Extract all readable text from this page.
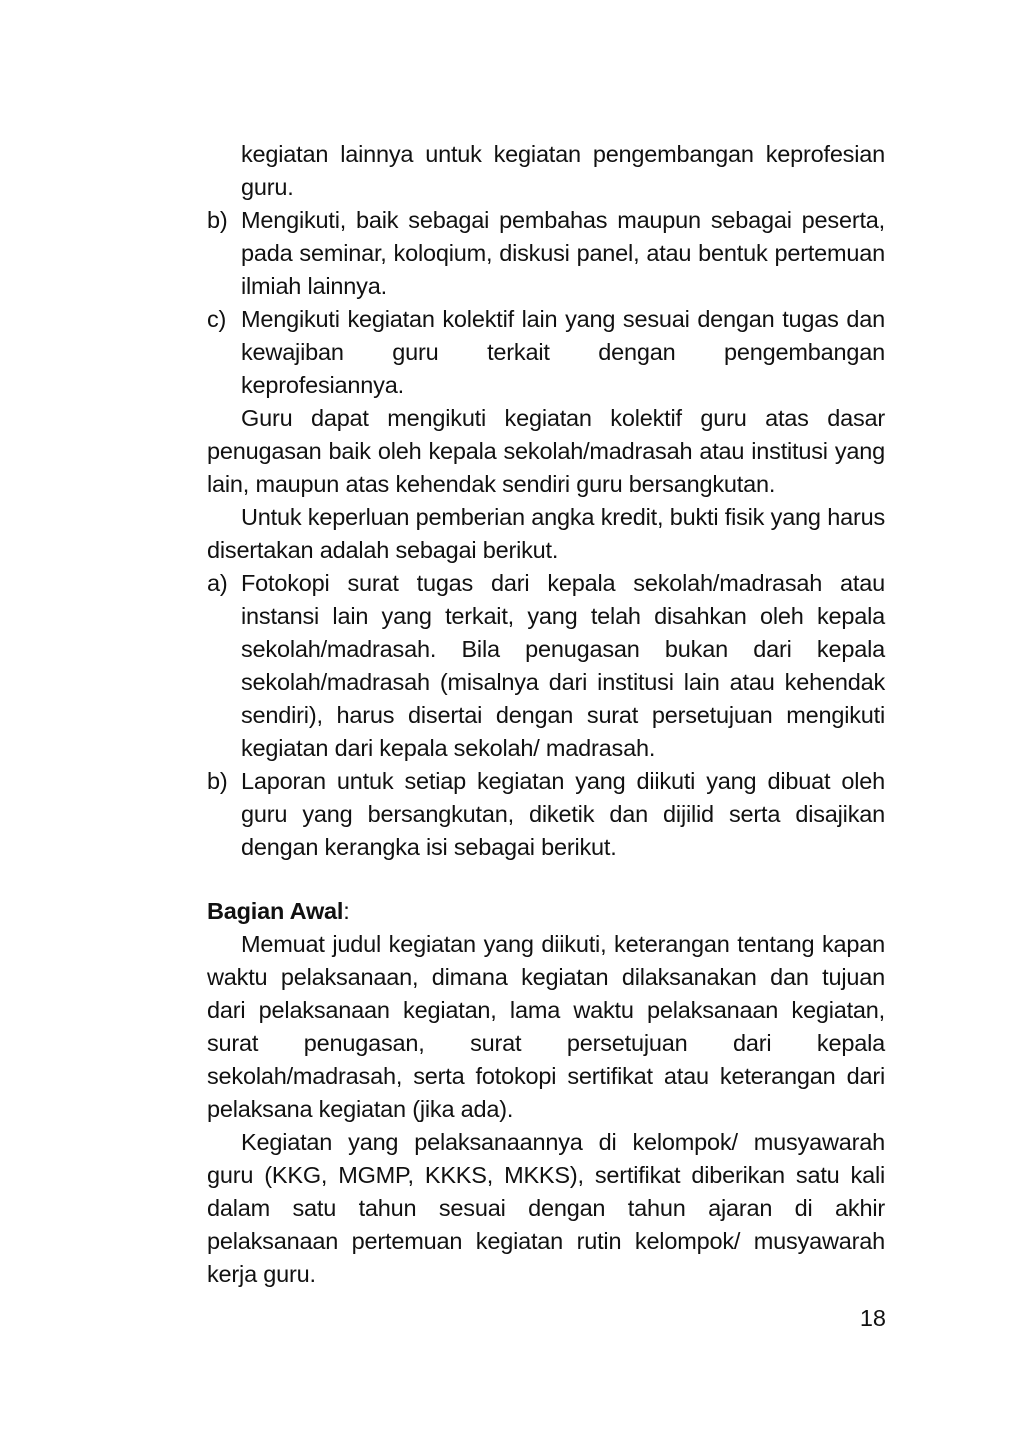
kegiatan lainnya untuk kegiatan pengembangan keprofesian guru.

b) Mengikuti, baik sebagai pembahas maupun sebagai peserta, pada seminar, koloqium, diskusi panel, atau bentuk pertemuan ilmiah lainnya.
c) Mengikuti kegiatan kolektif lain yang sesuai dengan tugas dan kewajiban guru terkait dengan pengembangan keprofesiannya.

Guru dapat mengikuti kegiatan kolektif guru atas dasar penugasan baik oleh kepala sekolah/madrasah atau institusi yang lain, maupun atas kehendak sendiri guru bersangkutan.

Untuk keperluan pemberian angka kredit, bukti fisik yang harus disertakan adalah sebagai berikut.

a) Fotokopi surat tugas dari kepala sekolah/madrasah atau instansi lain yang terkait, yang telah disahkan oleh kepala sekolah/madrasah. Bila penugasan bukan dari kepala sekolah/madrasah (misalnya dari institusi lain atau kehendak sendiri), harus disertai dengan surat persetujuan mengikuti kegiatan dari kepala sekolah/ madrasah.
b) Laporan untuk setiap kegiatan yang diikuti yang dibuat oleh guru yang bersangkutan, diketik dan dijilid serta disajikan dengan kerangka isi sebagai berikut.

Bagian Awal:

Memuat judul kegiatan yang diikuti, keterangan tentang kapan waktu pelaksanaan, dimana kegiatan dilaksanakan dan tujuan dari pelaksanaan kegiatan, lama waktu pelaksanaan kegiatan, surat penugasan, surat persetujuan dari kepala sekolah/madrasah, serta fotokopi sertifikat atau keterangan dari pelaksana kegiatan (jika ada).

Kegiatan yang pelaksanaannya di kelompok/ musyawarah guru (KKG, MGMP, KKKS, MKKS), sertifikat diberikan satu kali dalam satu tahun sesuai dengan tahun ajaran di akhir pelaksanaan pertemuan kegiatan rutin kelompok/ musyawarah kerja guru.

18
